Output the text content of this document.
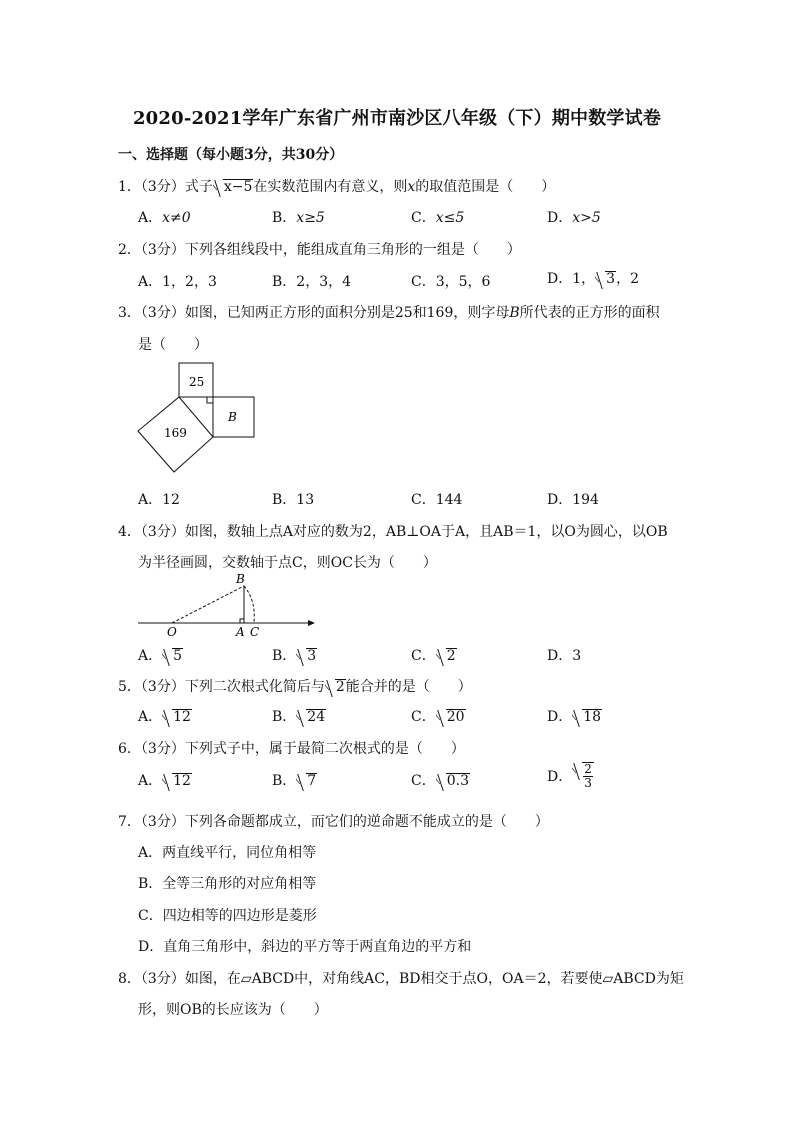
2020-2021学年广东省广州市南沙区八年级（下）期中数学试卷
一、选择题（每小题3分，共30分）
1．（3分）式子 x−5在实数范围内有意义，则x的取值范围是（　　）
A．x≠0	B．x≥5	C．x≤5	D．x>5
2．（3分）下列各组线段中，能组成直角三角形的一组是（　　）
A．1，2，3	B．2，3，4	C．3，5，6	D．1， 3，2
3．（3分）如图，已知两正方形的面积分别是25和169，则字母B所代表的正方形的面积
是（　　）
25
B
169
A．12	B．13	C．144	D．194
4．（3分）如图，数轴上点A对应的数为2，AB⊥OA于A，且AB＝1，以O为圆心，以OB
为半径画圆，交数轴于点C，则OC长为（　　）
B
O	A C
A． 5	B． 3	C． 2	D．3
5．（3分）下列二次根式化简后与 2能合并的是（　　）
A． 12	B． 24	C． 20	D． 18
6．（3分）下列式子中，属于最简二次根式的是（　　）
A． 12	B． 7	C． 0.3	D． $\frac{2}{3}$
7．（3分）下列各命题都成立，而它们的逆命题不能成立的是（　　）
A．两直线平行，同位角相等
B．全等三角形的对应角相等
C．四边相等的四边形是菱形
D．直角三角形中，斜边的平方等于两直角边的平方和
8．（3分）如图，在▱ABCD中，对角线AC，BD相交于点O，OA＝2，若要使▱ABCD为矩
形，则OB的长应该为（　　）
